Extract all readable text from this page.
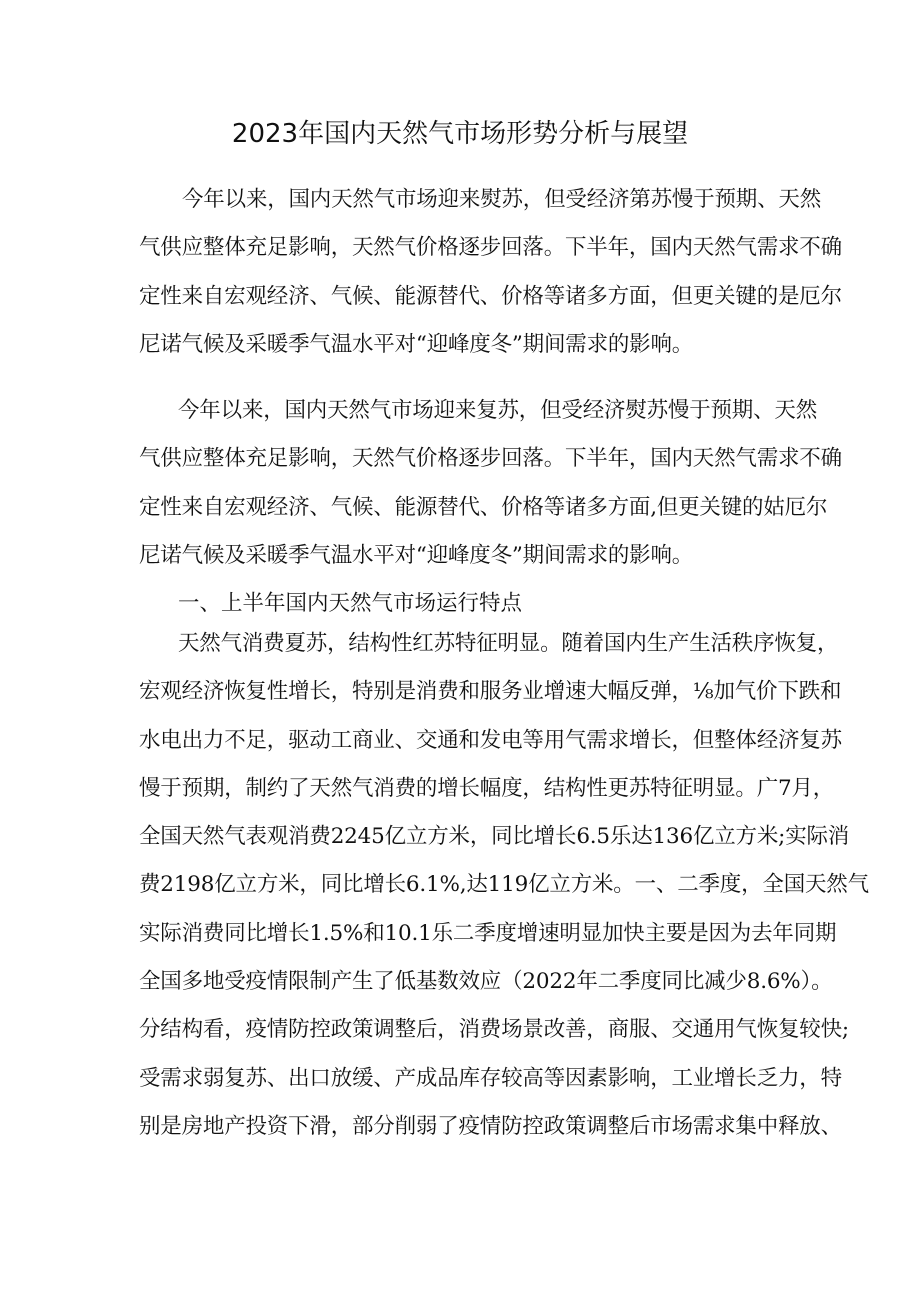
2023年国内天然气市场形势分析与展望
今年以来，国内天然气市场迎来熨苏，但受经济第苏慢于预期、天然
气供应整体充足影响，天然气价格逐步回落。下半年，国内天然气需求不确
定性来自宏观经济、气候、能源替代、价格等诸多方面，但更关键的是厄尔
尼诺气候及采暖季气温水平对“迎峰度冬”期间需求的影响。
今年以来，国内天然气市场迎来复苏，但受经济熨苏慢于预期、天然
气供应整体充足影响，天然气价格逐步回落。下半年，国内天然气需求不确
定性来自宏观经济、气候、能源替代、价格等诸多方面,但更关键的姑厄尔
尼诺气候及采暖季气温水平对“迎峰度冬”期间需求的影响。
一、上半年国内天然气市场运行特点
天然气消费夏苏，结构性红苏特征明显。随着国内生产生活秩序恢复，
宏观经济恢复性增长，特别是消费和服务业增速大幅反弹，⅛加气价下跌和
水电出力不足，驱动工商业、交通和发电等用气需求增长，但整体经济复苏
慢于预期，制约了天然气消费的增长幅度，结构性更苏特征明显。广7月，
全国天然气表观消费2245亿立方米，同比增长6.5乐达136亿立方米;实际消
费2198亿立方米，同比增长6.1%,达119亿立方米。一、二季度，全国天然气
实际消费同比增长1.5%和10.1乐二季度增速明显加快主要是因为去年同期
全国多地受疫情限制产生了低基数效应（2022年二季度同比减少8.6%）。
分结构看，疫情防控政策调整后，消费场景改善，商服、交通用气恢复较快;
受需求弱复苏、出口放缓、产成品库存较高等因素影响，工业增长乏力，特
别是房地产投资下滑，部分削弱了疫情防控政策调整后市场需求集中释放、
